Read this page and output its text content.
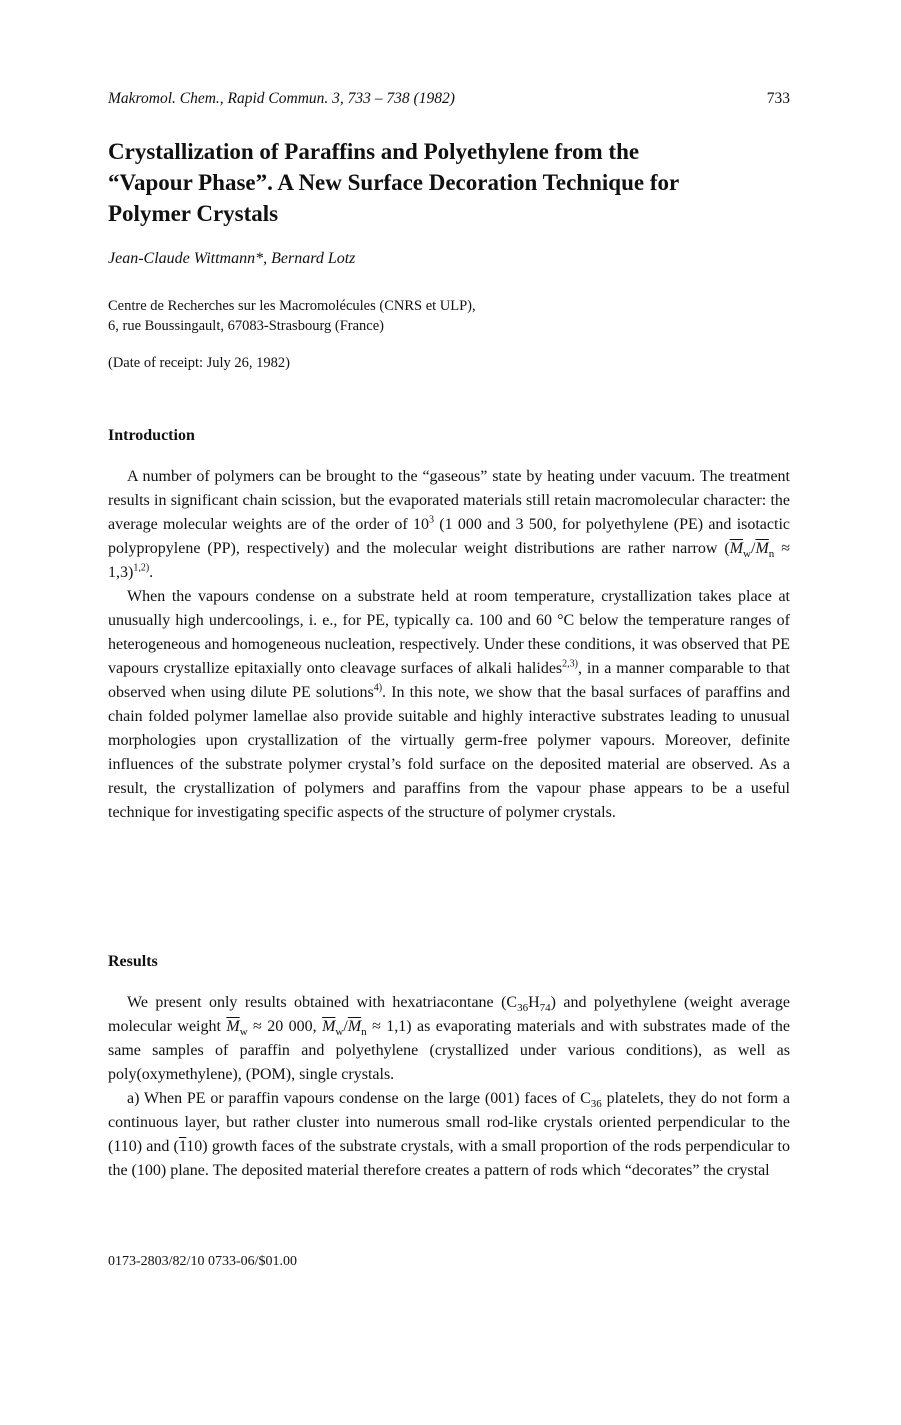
Makromol. Chem., Rapid Commun. 3, 733 – 738 (1982)	733
Crystallization of Paraffins and Polyethylene from the
“Vapour Phase”. A New Surface Decoration Technique for
Polymer Crystals
Jean-Claude Wittmann*, Bernard Lotz
Centre de Recherches sur les Macromolécules (CNRS et ULP),
6, rue Boussingault, 67083-Strasbourg (France)
(Date of receipt: July 26, 1982)
Introduction

A number of polymers can be brought to the “gaseous” state by heating under vacuum. The treatment results in significant chain scission, but the evaporated materials still retain macromolecular character: the average molecular weights are of the order of $10^3$ (1 000 and 3 500, for polyethylene (PE) and isotactic polypropylene (PP), respectively) and the molecular weight distributions are rather narrow $(\overline{M}_w/\overline{M}_n \approx 1,3)^{1,2)}$.

When the vapours condense on a substrate held at room temperature, crystallization takes place at unusually high undercoolings, i. e., for PE, typically ca. 100 and 60 °C below the temperature ranges of heterogeneous and homogeneous nucleation, respectively. Under these conditions, it was observed that PE vapours crystallize epitaxially onto cleavage surfaces of alkali halides$^{2,3)}$, in a manner comparable to that observed when using dilute PE solutions$^{4)}$. In this note, we show that the basal surfaces of paraffins and chain folded polymer lamellae also provide suitable and highly interactive substrates leading to unusual morphologies upon crystallization of the virtually germ-free polymer vapours. Moreover, definite influences of the substrate polymer crystal’s fold surface on the deposited material are observed. As a result, the crystallization of polymers and paraffins from the vapour phase appears to be a useful technique for investigating specific aspects of the structure of polymer crystals.

Results

We present only results obtained with hexatriacontane $(C_{36}H_{74})$ and polyethylene (weight average molecular weight $\overline{M}_w \approx 20$ 000, $\overline{M}_w/\overline{M}_n \approx 1,1$) as evaporating materials and with substrates made of the same samples of paraffin and polyethylene (crystallized under various conditions), as well as poly(oxymethylene), (POM), single crystals.

a) When PE or paraffin vapours condense on the large (001) faces of $C_{36}$ platelets, they do not form a continuous layer, but rather cluster into numerous small rod-like crystals oriented perpendicular to the (110) and (110) growth faces of the substrate crystals, with a small proportion of the rods perpendicular to the (100) plane. The deposited material therefore creates a pattern of rods which “decorates” the crystal

0173-2803/82/10 0733-06/$01.00
